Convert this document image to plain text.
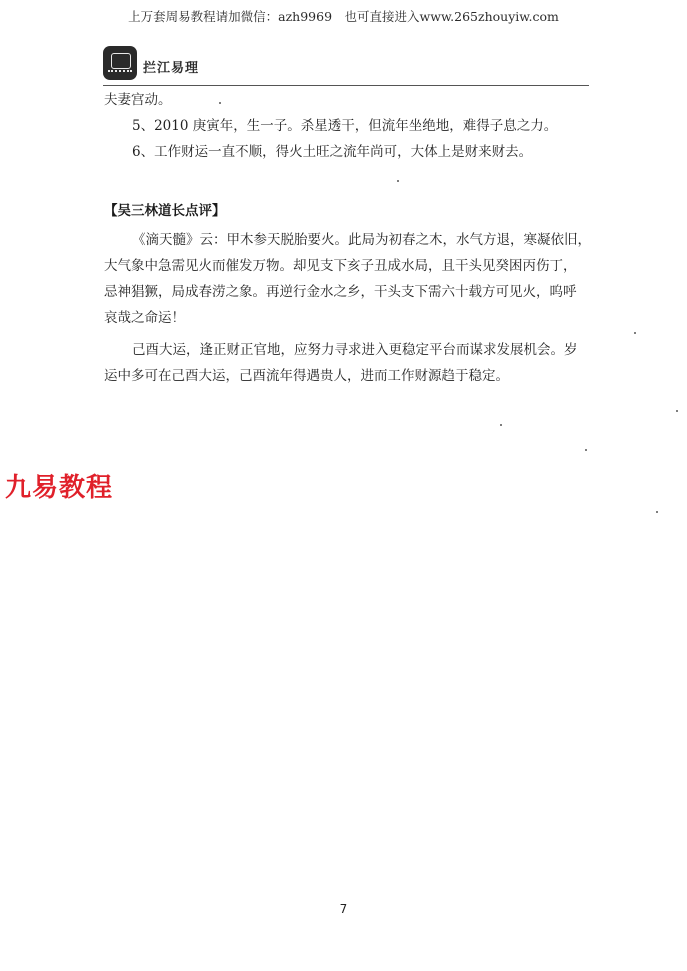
上万套周易教程请加微信：azh9969　也可直接进入www.265zhouyiw.com
拦江易理
夫妻宫动。
5、2010 庚寅年，生一子。杀星透干，但流年坐绝地，难得子息之力。
6、工作财运一直不顺，得火土旺之流年尚可，大体上是财来财去。
【吴三林道长点评】
《滴天髓》云：甲木参天脱胎要火。此局为初春之木，水气方退，寒凝依旧，
大气象中急需见火而催发万物。却见支下亥子丑成水局，且干头见癸困丙伤丁，
忌神猖獗，局成春涝之象。再逆行金水之乡，干头支下需六十载方可见火，呜呼
哀哉之命运！
己酉大运，逢正财正官地，应努力寻求进入更稳定平台而谋求发展机会。岁
运中多可在己酉大运，己酉流年得遇贵人，进而工作财源趋于稳定。
九易教程
7
